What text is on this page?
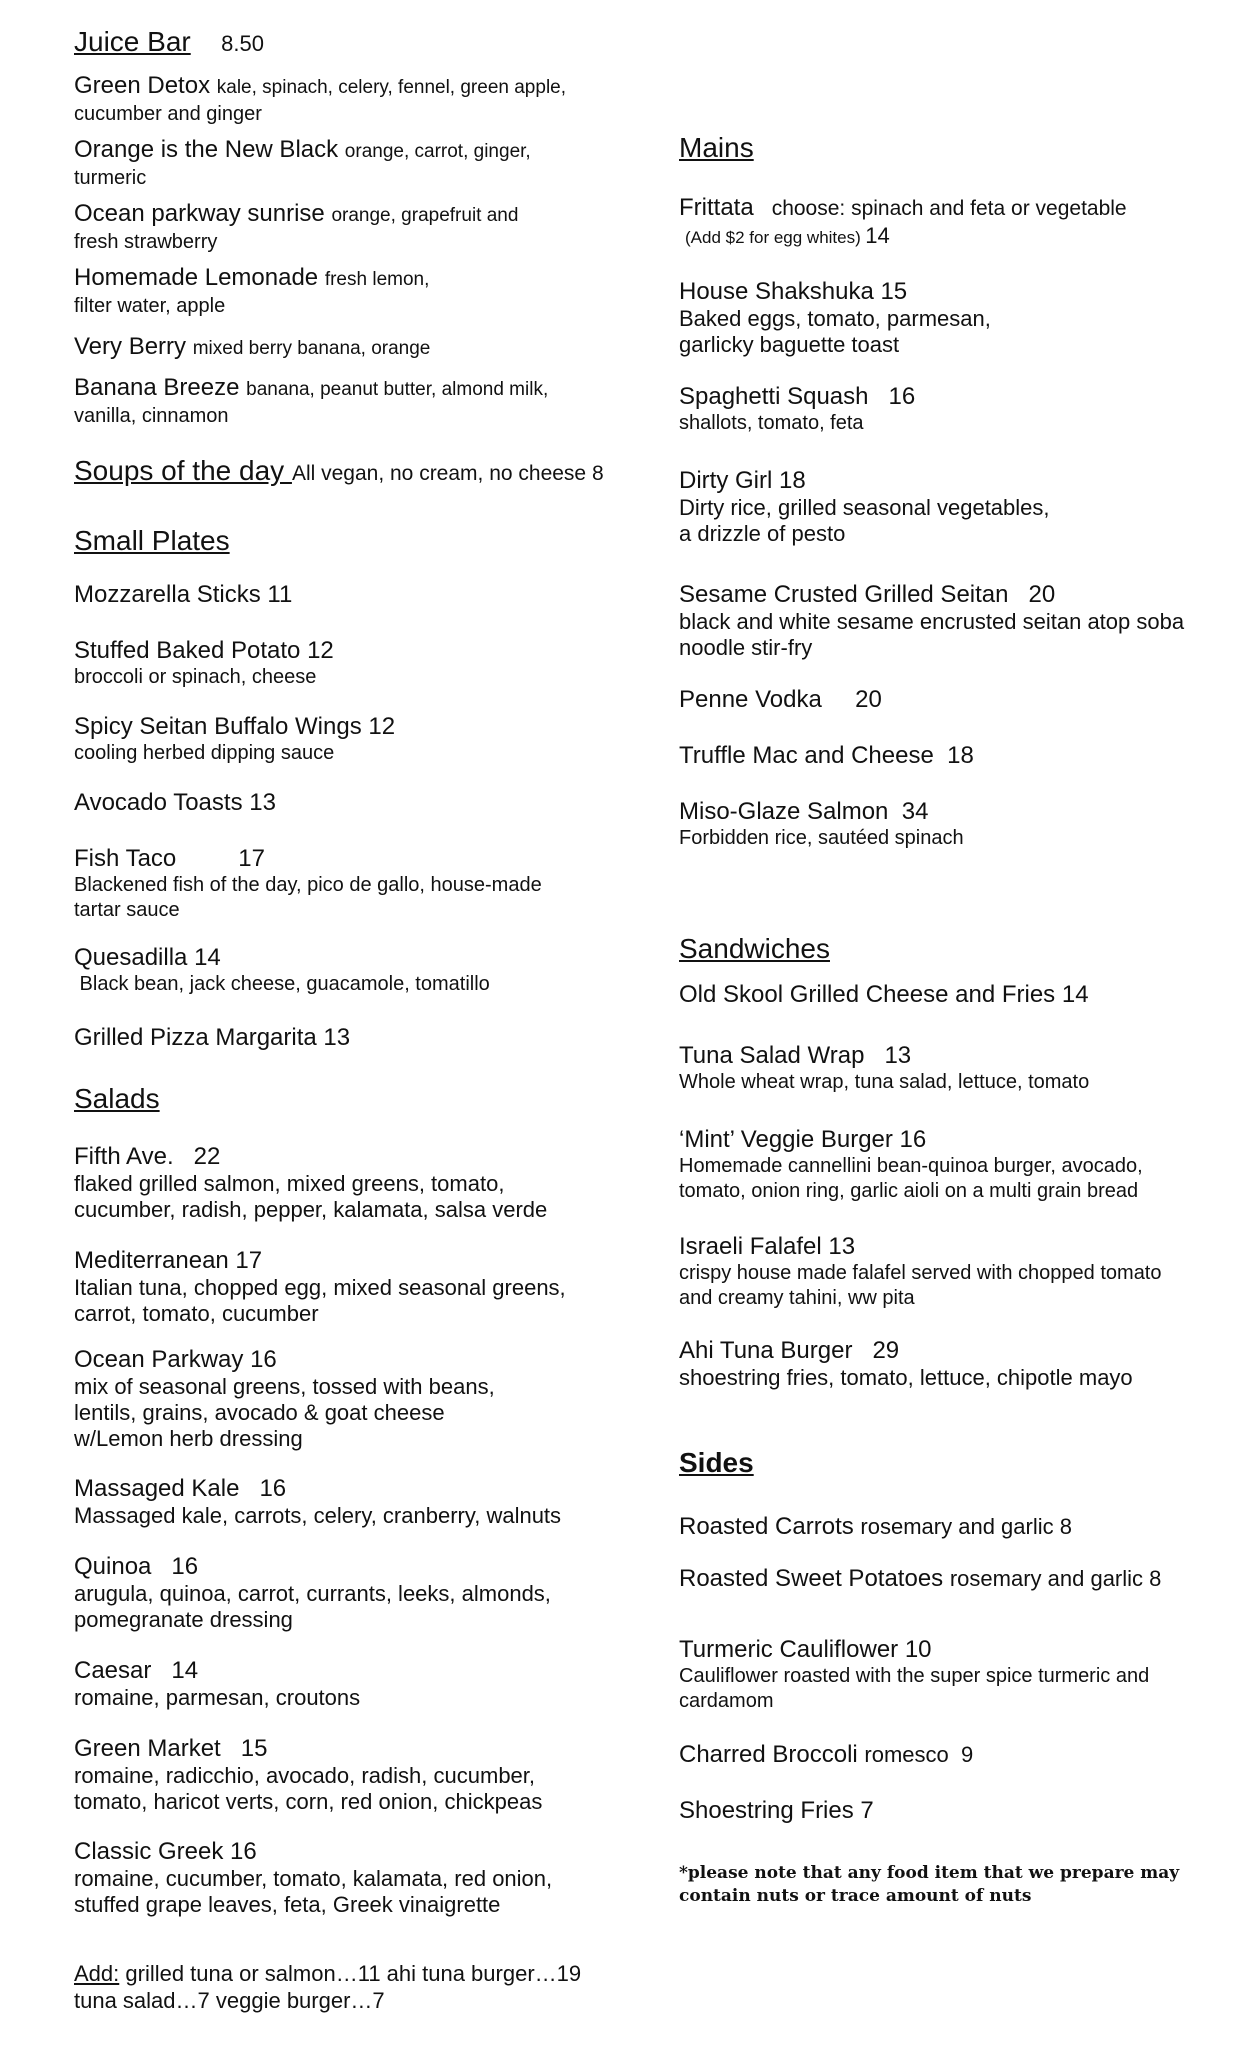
Juice Bar 8.50
Green Detox kale, spinach, celery, fennel, green apple,
cucumber and ginger
Orange is the New Black orange, carrot, ginger,
turmeric
Ocean parkway sunrise orange, grapefruit and
fresh strawberry
Homemade Lemonade fresh lemon,
filter water, apple
Very Berry mixed berry banana, orange
Banana Breeze banana, peanut butter, almond milk,
vanilla, cinnamon
Soups of the day All vegan, no cream, no cheese 8
Small Plates
Mozzarella Sticks 11
Stuffed Baked Potato 12
broccoli or spinach, cheese
Spicy Seitan Buffalo Wings 12
cooling herbed dipping sauce
Avocado Toasts 13
Fish Taco	17
Blackened fish of the day, pico de gallo, house-made
tartar sauce
Quesadilla 14
Black bean, jack cheese, guacamole, tomatillo
Grilled Pizza Margarita 13
Salads
Fifth Ave.   22
flaked grilled salmon, mixed greens, tomato,
cucumber, radish, pepper, kalamata, salsa verde
Mediterranean 17
Italian tuna, chopped egg, mixed seasonal greens,
carrot, tomato, cucumber
Ocean Parkway 16
mix of seasonal greens, tossed with beans,
lentils, grains, avocado & goat cheese
w/Lemon herb dressing
Massaged Kale   16
Massaged kale, carrots, celery, cranberry, walnuts
Quinoa   16
arugula, quinoa, carrot, currants, leeks, almonds,
pomegranate dressing
Caesar   14
romaine, parmesan, croutons
Green Market   15
romaine, radicchio, avocado, radish, cucumber,
tomato, haricot verts, corn, red onion, chickpeas
Classic Greek 16
romaine, cucumber, tomato, kalamata, red onion,
stuffed grape leaves, feta, Greek vinaigrette
Add: grilled tuna or salmon…11 ahi tuna burger…19
tuna salad…7 veggie burger…7
Mains
Frittata choose: spinach and feta or vegetable
(Add $2 for egg whites) 14
House Shakshuka 15
Baked eggs, tomato, parmesan,
garlicky baguette toast
Spaghetti Squash   16
shallots, tomato, feta
Dirty Girl 18
Dirty rice, grilled seasonal vegetables,
a drizzle of pesto
Sesame Crusted Grilled Seitan   20
black and white sesame encrusted seitan atop soba
noodle stir-fry
Penne Vodka     20
Truffle Mac and Cheese  18
Miso-Glaze Salmon  34
Forbidden rice, sautéed spinach
Sandwiches
Old Skool Grilled Cheese and Fries 14
Tuna Salad Wrap   13
Whole wheat wrap, tuna salad, lettuce, tomato
‘Mint’ Veggie Burger 16
Homemade cannellini bean-quinoa burger, avocado,
tomato, onion ring, garlic aioli on a multi grain bread
Israeli Falafel 13
crispy house made falafel served with chopped tomato
and creamy tahini, ww pita
Ahi Tuna Burger   29
shoestring fries, tomato, lettuce, chipotle mayo
Sides
Roasted Carrots rosemary and garlic 8
Roasted Sweet Potatoes rosemary and garlic 8
Turmeric Cauliflower 10
Cauliflower roasted with the super spice turmeric and
cardamom
Charred Broccoli romesco  9
Shoestring Fries 7
*please note that any food item that we prepare may
contain nuts or trace amount of nuts
